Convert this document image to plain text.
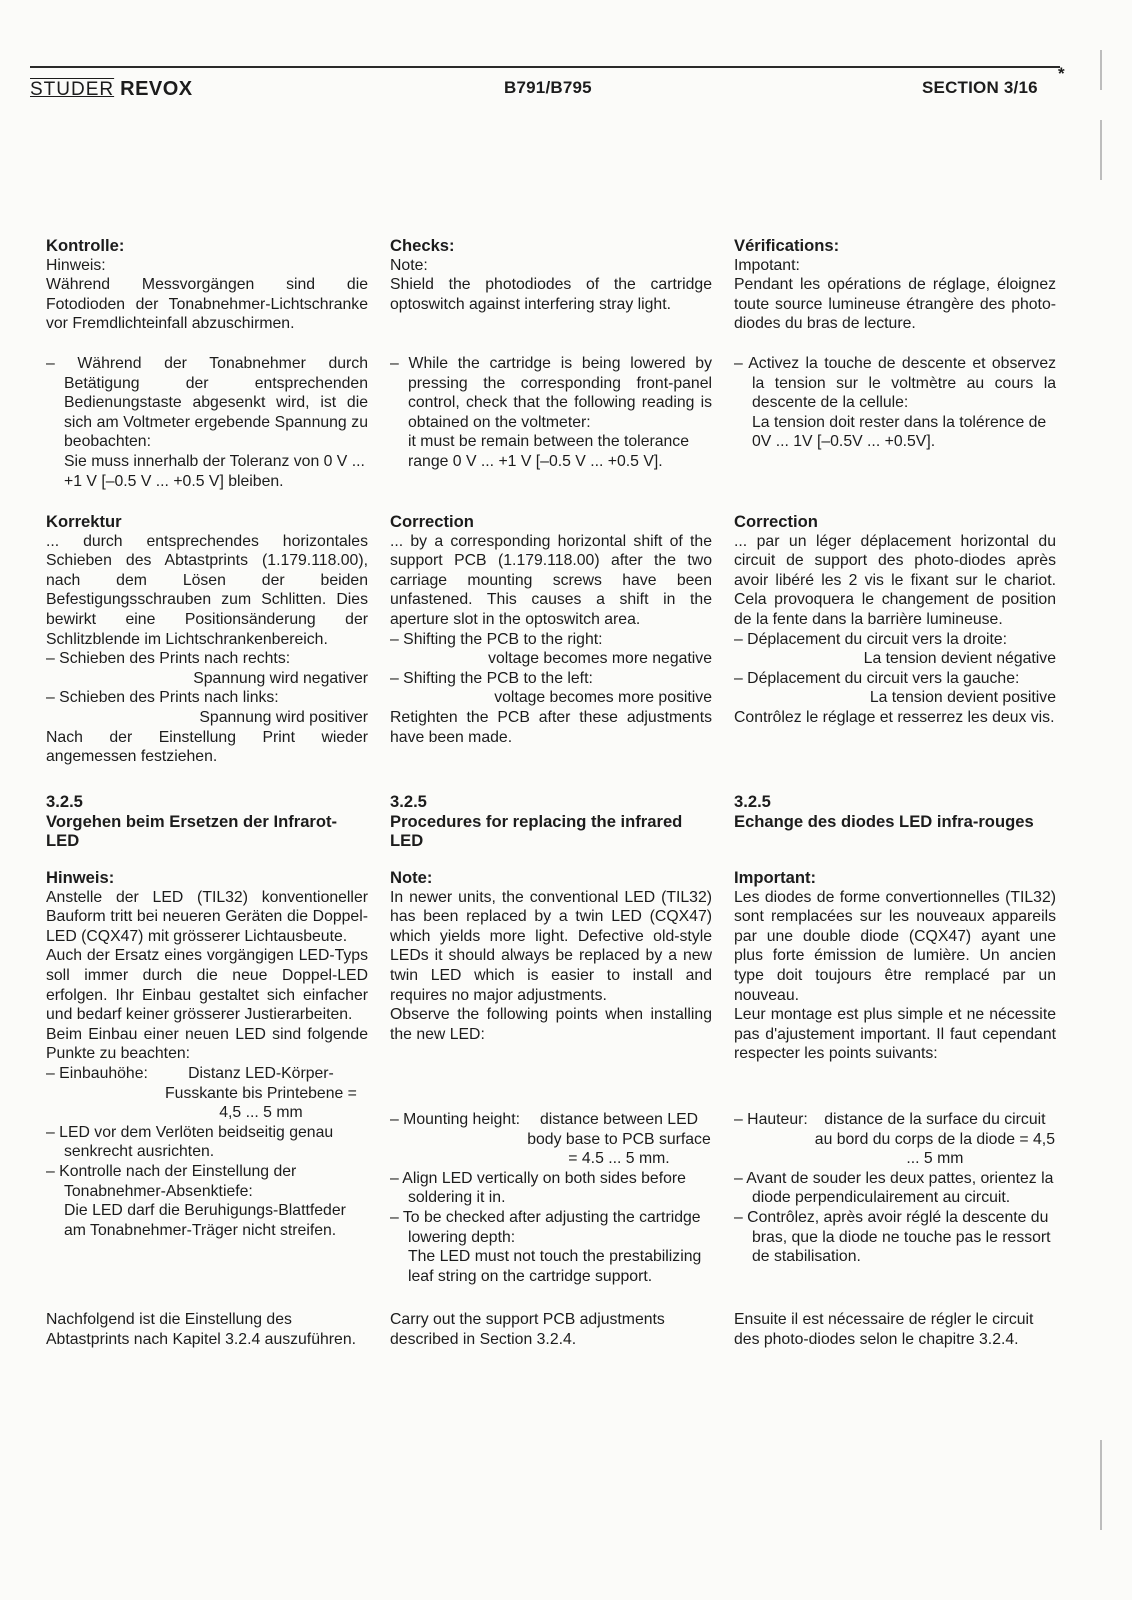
STUDER REVOX	B791/B795	SECTION 3/16
*

Kontrolle:

Hinweis:

Während Messvorgängen sind die Fotodioden der Tonabnehmer-Lichtschranke vor Fremdlichteinfall abzuschirmen.

– Während der Tonabnehmer durch Betätigung der entsprechenden Bedienungstaste abgesenkt wird, ist die sich am Voltmeter ergebende Spannung zu beobachten:

Sie muss innerhalb der Toleranz von 0 V ... +1 V [–0.5 V ... +0.5 V] bleiben.

Korrektur

... durch entsprechendes horizontales Schieben des Abtastprints (1.179.118.00), nach dem Lösen der beiden Befestigungsschrauben zum Schlitten. Dies bewirkt eine Positionsänderung der Schlitzblende im Lichtschrankenbereich.

– Schieben des Prints nach rechts:

Spannung wird negativer

– Schieben des Prints nach links:

Spannung wird positiver

Nach der Einstellung Print wieder angemessen festziehen.

3.2.5

Vorgehen beim Ersetzen der Infrarot-LED

Hinweis:

Anstelle der LED (TIL32) konventioneller Bauform tritt bei neueren Geräten die Doppel-LED (CQX47) mit grösserer Lichtausbeute.

Auch der Ersatz eines vorgängigen LED-Typs soll immer durch die neue Doppel-LED erfolgen. Ihr Einbau gestaltet sich einfacher und bedarf keiner grösserer Justierarbeiten.

Beim Einbau einer neuen LED sind folgende Punkte zu beachten:

– Einbauhöhe:	Distanz LED-Körper-Fusskante bis Printebene = 4,5 ... 5 mm

– LED vor dem Verlöten beidseitig genau senkrecht ausrichten.

– Kontrolle nach der Einstellung der Tonabnehmer-Absenktiefe:

Die LED darf die Beruhigungs-Blattfeder am Tonabnehmer-Träger nicht streifen.

Nachfolgend ist die Einstellung des Abtastprints nach Kapitel 3.2.4 auszuführen.

Checks:

Note:

Shield the photodiodes of the cartridge optoswitch against interfering stray light.

– While the cartridge is being lowered by pressing the corresponding front-panel control, check that the following reading is obtained on the voltmeter:

it must be remain between the tolerance range 0 V ... +1 V [–0.5 V ... +0.5 V].

Correction

... by a corresponding horizontal shift of the support PCB (1.179.118.00) after the two carriage mounting screws have been unfastened. This causes a shift in the aperture slot in the optoswitch area.

– Shifting the PCB to the right:

voltage becomes more negative

– Shifting the PCB to the left:

voltage becomes more positive

Retighten the PCB after these adjustments have been made.

3.2.5

Procedures for replacing the infrared LED

Note:

In newer units, the conventional LED (TIL32) has been replaced by a twin LED (CQX47) which yields more light. Defective old-style LEDs it should always be replaced by a new twin LED which is easier to install and requires no major adjustments.

Observe the following points when installing the new LED:

– Mounting height:	distance between LED body base to PCB surface = 4.5 ... 5 mm.

– Align LED vertically on both sides before soldering it in.

– To be checked after adjusting the cartridge lowering depth:

The LED must not touch the prestabilizing leaf string on the cartridge support.

Carry out the support PCB adjustments described in Section 3.2.4.

Vérifications:

Impotant:

Pendant les opérations de réglage, éloignez toute source lumineuse étrangère des photo-diodes du bras de lecture.

– Activez la touche de descente et observez la tension sur le voltmètre au cours la descente de la cellule:

La tension doit rester dans la tolérence de 0V ... 1V [–0.5V ... +0.5V].

Correction

... par un léger déplacement horizontal du circuit de support des photo-diodes après avoir libéré les 2 vis le fixant sur le chariot. Cela provoquera le changement de position de la fente dans la barrière lumineuse.

– Déplacement du circuit vers la droite:

La tension devient négative

– Déplacement du circuit vers la gauche:

La tension devient positive

Contrôlez le réglage et resserrez les deux vis.

3.2.5

Echange des diodes LED infra-rouges

Important:

Les diodes de forme convertionnelles (TIL32) sont remplacées sur les nouveaux appareils par une double diode (CQX47) ayant une plus forte émission de lumière. Un ancien type doit toujours être remplacé par un nouveau.

Leur montage est plus simple et ne nécessite pas d'ajustement important. Il faut cependant respecter les points suivants:

– Hauteur:	distance de la surface du circuit au bord du corps de la diode = 4,5 ... 5 mm

– Avant de souder les deux pattes, orientez la diode perpendiculairement au circuit.

– Contrôlez, après avoir réglé la descente du bras, que la diode ne touche pas le ressort de stabilisation.

Ensuite il est nécessaire de régler le circuit des photo-diodes selon le chapitre 3.2.4.
